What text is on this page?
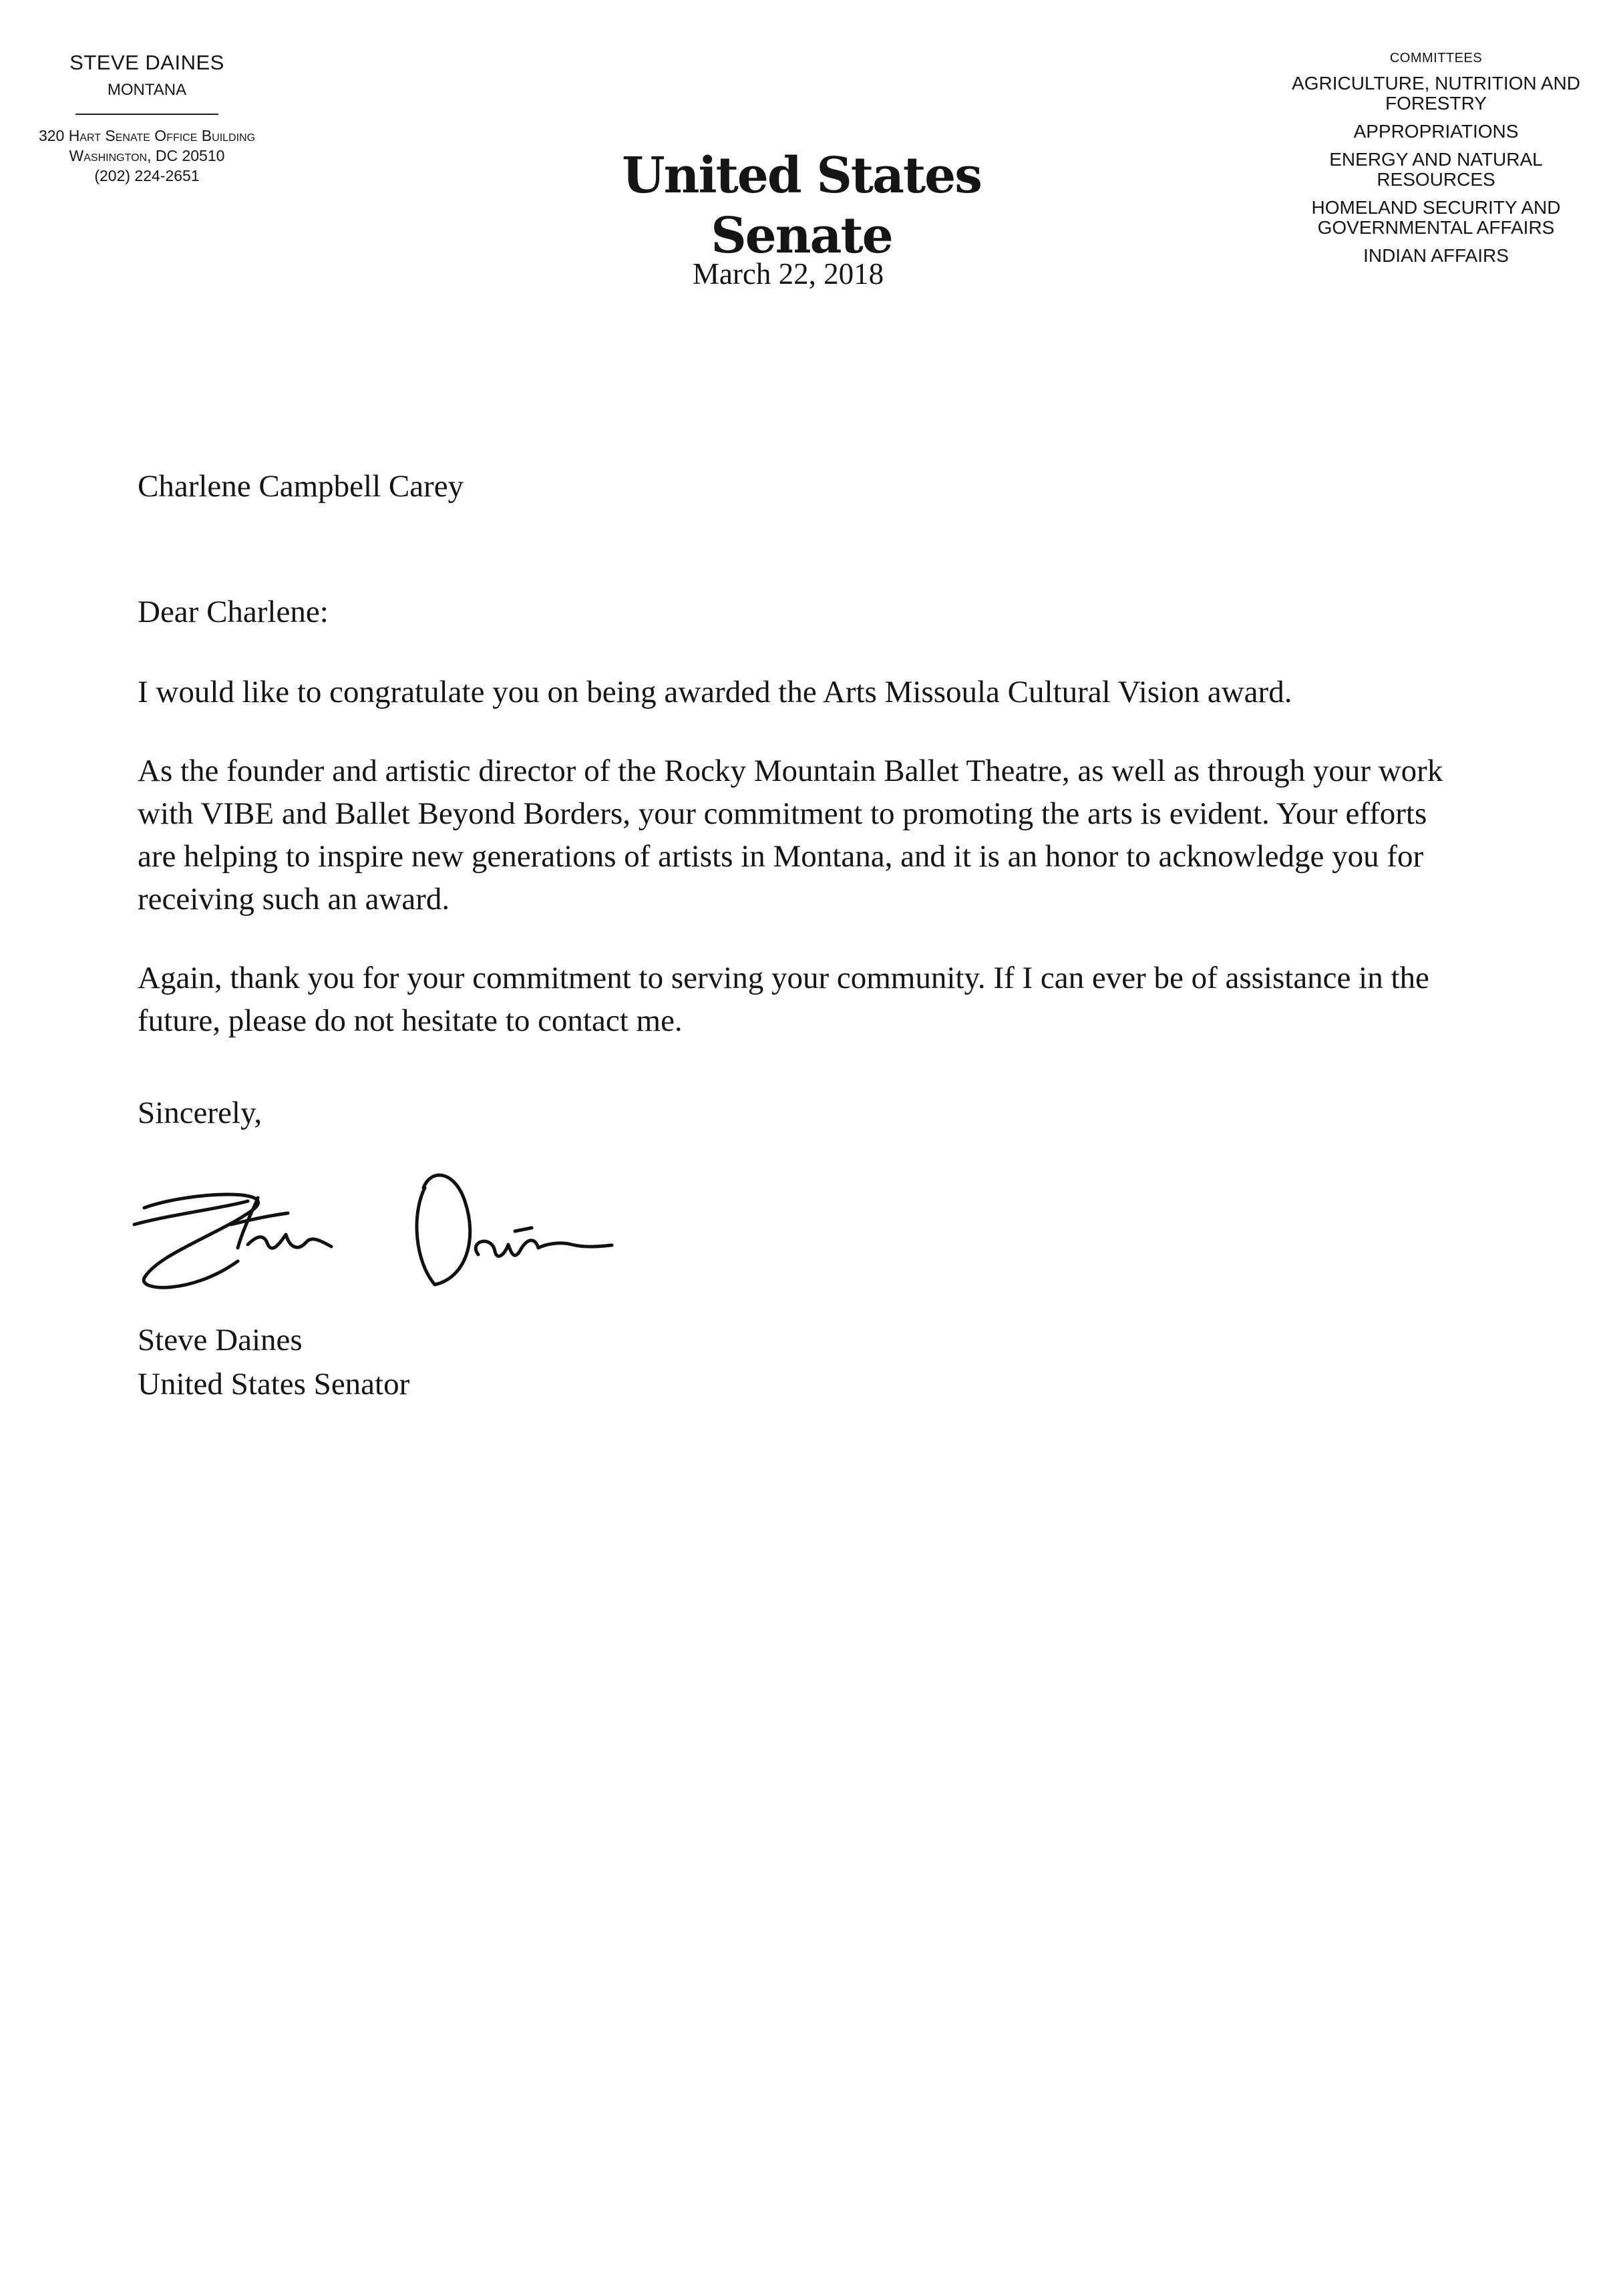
STEVE DAINES
MONTANA
320 Hart Senate Office Building
Washington, DC 20510
(202) 224-2651	United States Senate
March 22, 2018
COMMITTEES
AGRICULTURE, NUTRITION AND FORESTRY
APPROPRIATIONS
ENERGY AND NATURAL RESOURCES
HOMELAND SECURITY AND GOVERNMENTAL AFFAIRS
INDIAN AFFAIRS
Charlene Campbell Carey
Dear Charlene:

I would like to congratulate you on being awarded the Arts Missoula Cultural Vision award.

As the founder and artistic director of the Rocky Mountain Ballet Theatre, as well as through your work with VIBE and Ballet Beyond Borders, your commitment to promoting the arts is evident. Your efforts are helping to inspire new generations of artists in Montana, and it is an honor to acknowledge you for receiving such an award.

Again, thank you for your commitment to serving your community. If I can ever be of assistance in the future, please do not hesitate to contact me.

Sincerely,
Steve Daines
United States Senator
